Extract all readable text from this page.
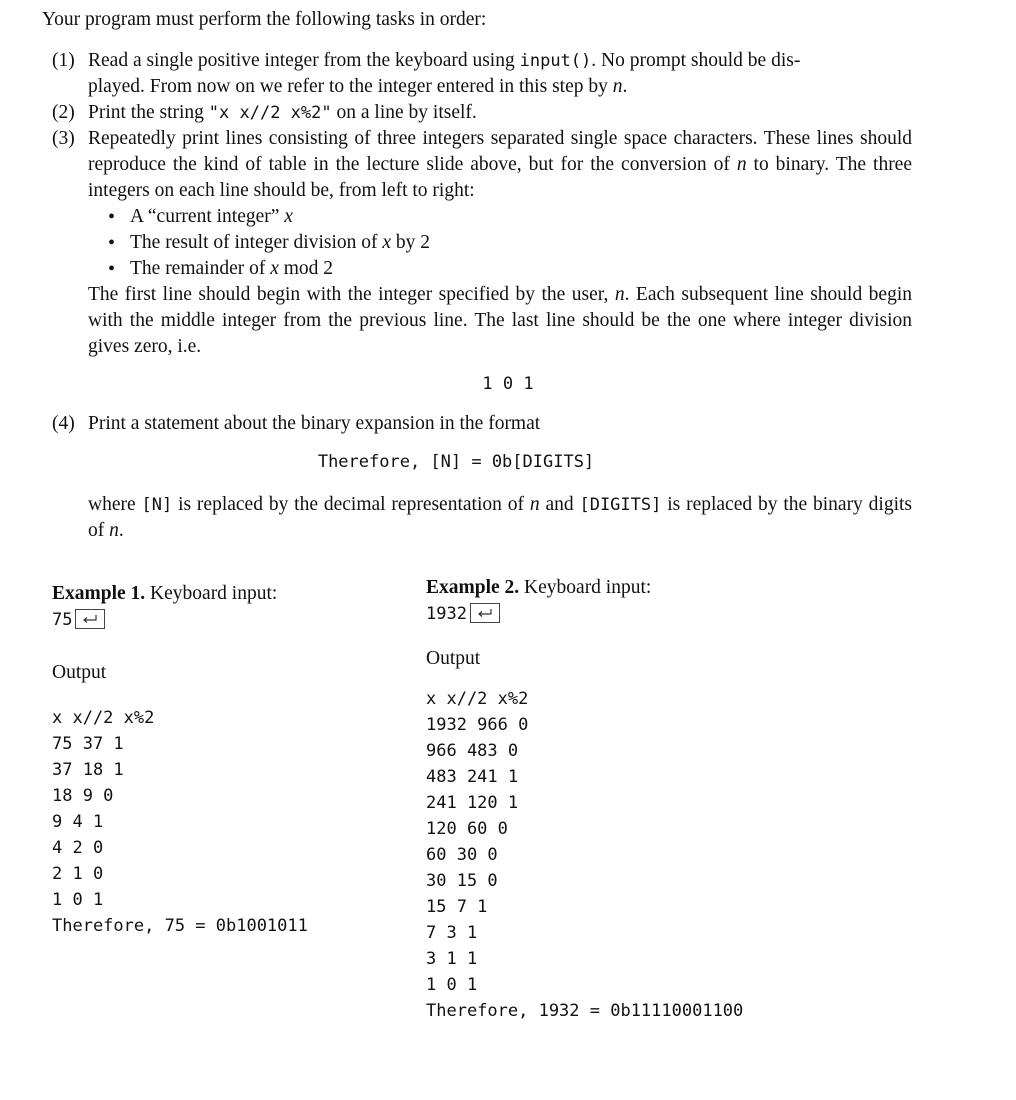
Your program must perform the following tasks in order:
(1) Read a single positive integer from the keyboard using input(). No prompt should be dis-
played. From now on we refer to the integer entered in this step by n.
(2) Print the string "x x//2 x%2" on a line by itself.
(3) Repeatedly print lines consisting of three integers separated single space characters. These lines should reproduce the kind of table in the lecture slide above, but for the conversion of n to binary. The three integers on each line should be, from left to right:
• A “current integer” x
• The result of integer division of x by 2
• The remainder of x mod 2
The first line should begin with the integer specified by the user, n. Each subsequent line should begin with the middle integer from the previous line. The last line should be the one where integer division gives zero, i.e.
1 0 1
(4) Print a statement about the binary expansion in the format
Therefore, [N] = 0b[DIGITS]
where [N] is replaced by the decimal representation of n and [DIGITS] is replaced by the binary digits of n.
Example 1. Keyboard input:
75
Output
x x//2 x%2
75 37 1
37 18 1
18 9 0
9 4 1
4 2 0
2 1 0
1 0 1
Therefore, 75 = 0b1001011
Example 2. Keyboard input:
1932
Output
x x//2 x%2
1932 966 0
966 483 0
483 241 1
241 120 1
120 60 0
60 30 0
30 15 0
15 7 1
7 3 1
3 1 1
1 0 1
Therefore, 1932 = 0b11110001100
